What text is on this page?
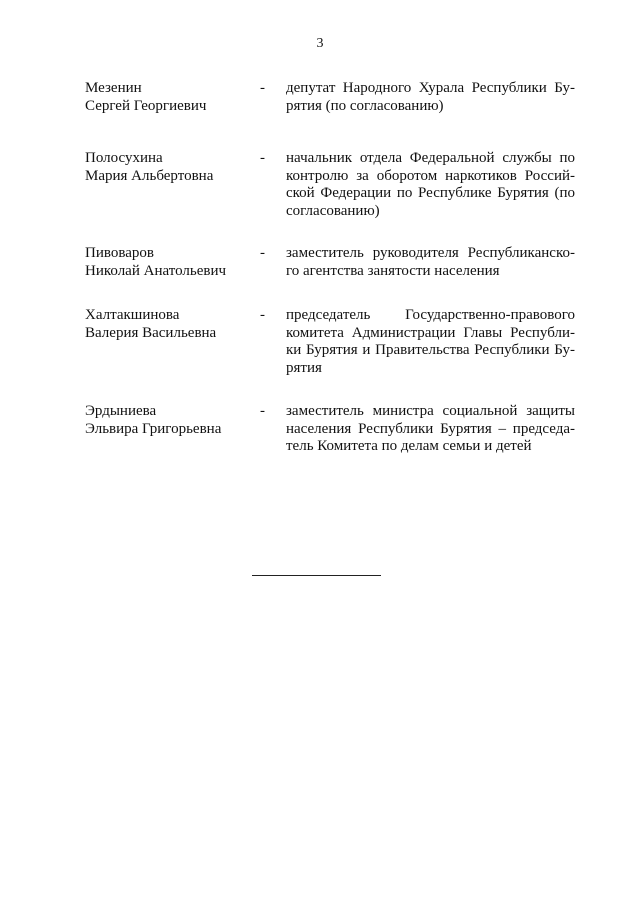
3
Мезенин
Сергей Георгиевич
-	депутат Народного Хурала Республики Бу-
рятия (по согласованию)
Полосухина
Мария Альбертовна
-	начальник отдела Федеральной службы по
контролю за оборотом наркотиков Россий-
ской Федерации по Республике Бурятия (по
согласованию)
Пивоваров
Николай Анатольевич
-	заместитель руководителя Республиканско-
го агентства занятости населения
Халтакшинова
Валерия Васильевна
-	председатель Государственно-правового
комитета Администрации Главы Республи-
ки Бурятия и Правительства Республики Бу-
рятия
Эрдыниева
Эльвира Григорьевна
-	заместитель министра социальной защиты
населения Республики Бурятия – председа-
тель Комитета по делам семьи и детей
